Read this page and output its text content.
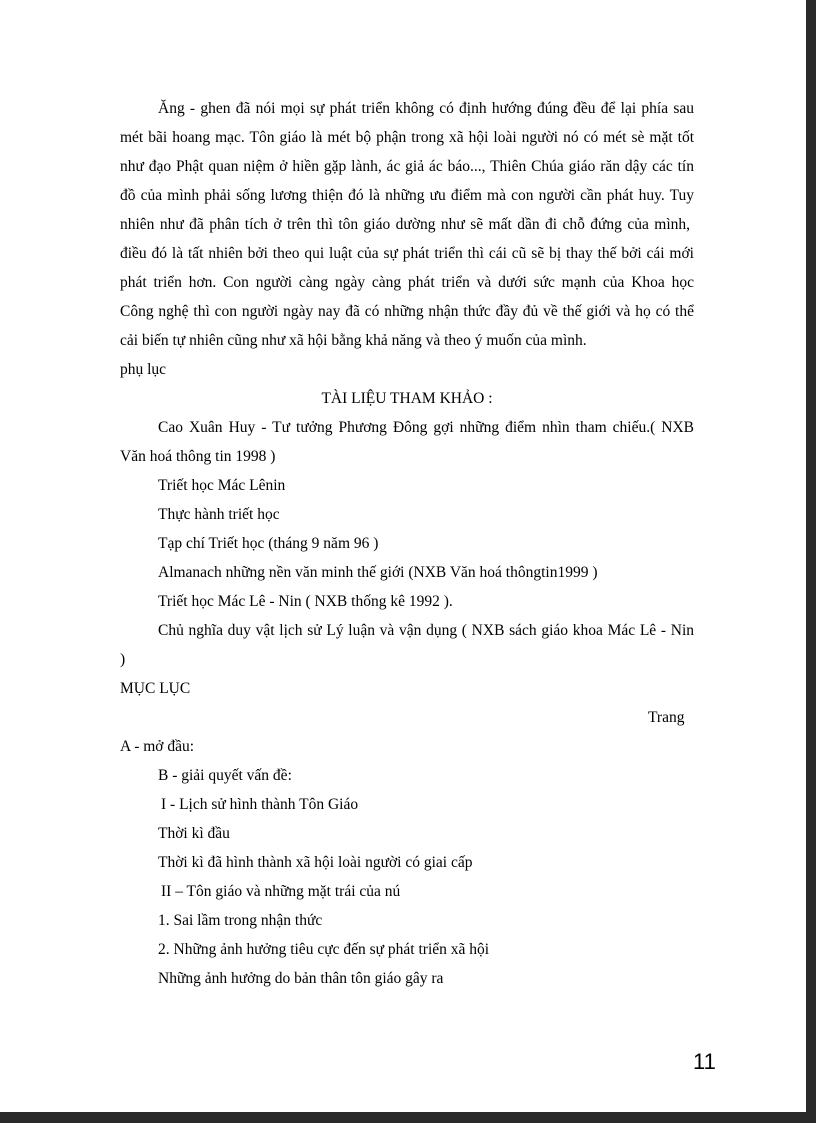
Ăng - ghen đã nói mọi sự phát triển không có định hướng đúng đều để lại phía sau
mét bãi hoang mạc. Tôn giáo là mét bộ phận trong xã hội loài người nó có mét sè mặt tốt
như đạo Phật quan niệm ở hiền gặp lành, ác giả ác báo..., Thiên Chúa giáo răn dậy các tín
đồ của mình phải sống lương thiện đó là những ưu điểm mà con người cần phát huy. Tuy
nhiên như đã phân tích ở trên thì tôn giáo dường như sẽ mất dần đi chỗ đứng của mình,
điều đó là tất nhiên bởi theo qui luật của sự phát triển thì cái cũ sẽ bị thay thế bởi cái mới
phát triển hơn. Con người càng ngày càng phát triển và dưới sức mạnh của Khoa học
Công nghệ thì con người ngày nay đã có những nhận thức đầy đủ về thế giới và họ có thể
cải biến tự nhiên cũng như xã hội bằng khả năng và theo ý muốn của mình.
phụ lục
TÀI LIỆU THAM KHẢO :
Cao Xuân Huy - Tư tưởng Phương Đông gợi những điểm nhìn tham chiếu.( NXB
Văn hoá thông tin 1998 )
Triết học Mác Lênin
Thực hành triết học
Tạp chí Triết học (tháng 9 năm 96 )
Almanach những nền văn minh thế giới (NXB Văn hoá thôngtin1999 )
Triết học Mác Lê - Nin ( NXB thống kê 1992 ).
Chủ nghĩa duy vật lịch sử Lý luận và vận dụng ( NXB sách giáo khoa Mác Lê - Nin
)
MỤC LỤC
Trang
A - mở đầu:
B - giải quyết vấn đề:
I - Lịch sử hình thành Tôn Giáo
Thời kì đầu
Thời kì đã hình thành xã hội loài người có giai cấp
II – Tôn giáo và những mặt trái của nú
1. Sai lầm trong nhận thức
2. Những ảnh hưởng tiêu cực đến sự phát triển xã hội
Những ảnh hưởng do bản thân tôn giáo gây ra
11
